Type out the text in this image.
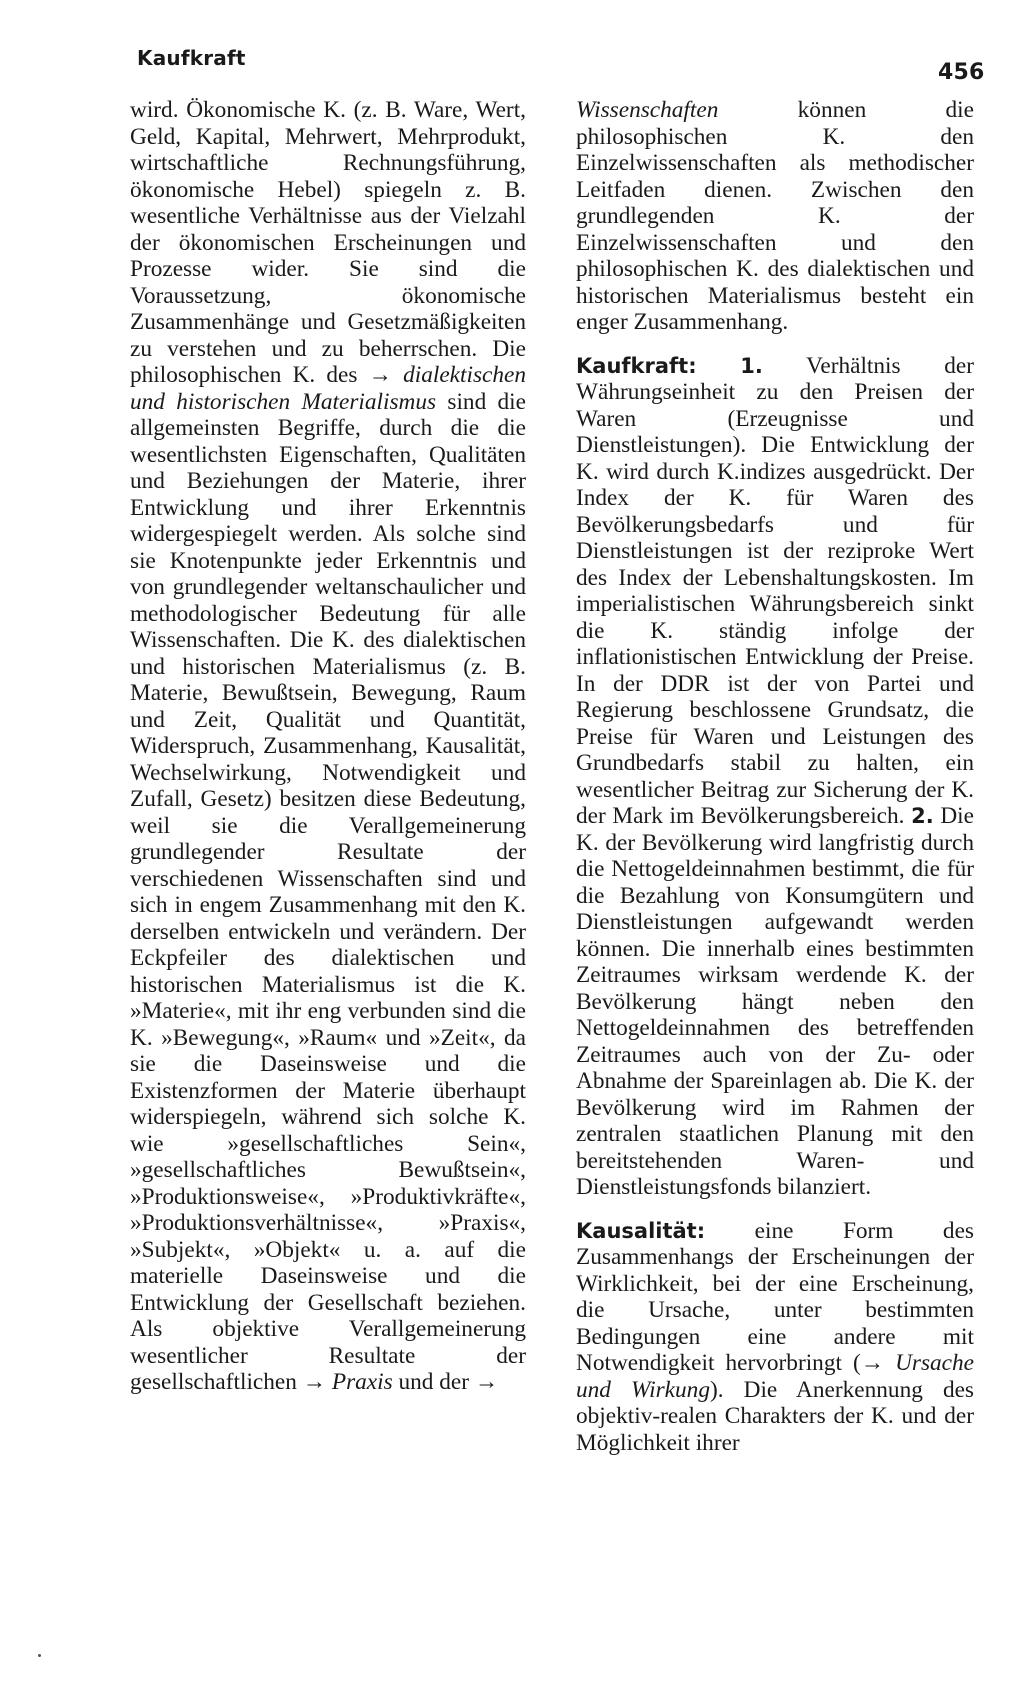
Kaufkraft
456

wird. Ökonomische K. (z. B. Ware, Wert, Geld, Kapital, Mehrwert, Mehrprodukt, wirtschaftliche Rechnungsführung, ökonomische Hebel) spiegeln z. B. wesentliche Verhältnisse aus der Vielzahl der ökonomischen Erscheinungen und Prozesse wider. Sie sind die Voraussetzung, ökonomische Zusammenhänge und Gesetzmäßigkeiten zu verstehen und zu beherrschen. Die philosophischen K. des → dialektischen und historischen Materialismus sind die allgemeinsten Begriffe, durch die die wesentlichsten Eigenschaften, Qualitäten und Beziehungen der Materie, ihrer Entwicklung und ihrer Erkenntnis widergespiegelt werden. Als solche sind sie Knotenpunkte jeder Erkenntnis und von grundlegender weltanschaulicher und methodologischer Bedeutung für alle Wissenschaften. Die K. des dialektischen und historischen Materialismus (z. B. Materie, Bewußtsein, Bewegung, Raum und Zeit, Qualität und Quantität, Widerspruch, Zusammenhang, Kausalität, Wechselwirkung, Notwendigkeit und Zufall, Gesetz) besitzen diese Bedeutung, weil sie die Verallgemeinerung grundlegender Resultate der verschiedenen Wissenschaften sind und sich in engem Zusammenhang mit den K. derselben entwickeln und verändern. Der Eckpfeiler des dialektischen und historischen Materialismus ist die K. »Materie«, mit ihr eng verbunden sind die K. »Bewegung«, »Raum« und »Zeit«, da sie die Daseinsweise und die Existenzformen der Materie überhaupt widerspiegeln, während sich solche K. wie »gesellschaftliches Sein«, »gesellschaftliches Bewußtsein«, »Produktionsweise«, »Produktivkräfte«, »Produktionsverhältnisse«, »Praxis«, »Subjekt«, »Objekt« u. a. auf die materielle Daseinsweise und die Entwicklung der Gesellschaft beziehen. Als objektive Verallgemeinerung wesentlicher Resultate der gesellschaftlichen → Praxis und der →

Wissenschaften	können die philosophischen K. den Einzelwissenschaften als methodischer Leitfaden dienen. Zwischen den grundlegenden K. der Einzelwissenschaften und den philosophischen K. des dialektischen und historischen Materialismus besteht ein enger Zusammenhang.

Kaufkraft: 1. Verhältnis der Währungseinheit zu den Preisen der Waren (Erzeugnisse und Dienstleistungen). Die Entwicklung der K. wird durch K.indizes ausgedrückt. Der Index der K. für Waren des Bevölkerungsbedarfs und für Dienstleistungen ist der reziproke Wert des Index der Lebenshaltungskosten. Im imperialistischen Währungsbereich sinkt die K. ständig infolge der inflationistischen Entwicklung der Preise. In der DDR ist der von Partei und Regierung beschlossene Grundsatz, die Preise für Waren und Leistungen des Grundbedarfs stabil zu halten, ein wesentlicher Beitrag zur Sicherung der K. der Mark im Bevölkerungsbereich. 2. Die K. der Bevölkerung wird langfristig durch die Nettogeldeinnahmen bestimmt, die für die Bezahlung von Konsumgütern und Dienstleistungen aufgewandt werden können. Die innerhalb eines bestimmten Zeitraumes wirksam werdende K. der Bevölkerung hängt neben den Nettogeldeinnahmen des betreffenden Zeitraumes auch von der Zu- oder Abnahme der Spareinlagen ab. Die K. der Bevölkerung wird im Rahmen der zentralen staatlichen Planung mit den bereitstehenden Waren- und Dienstleistungsfonds bilanziert.

Kausalität: eine Form des Zusammenhangs der Erscheinungen der Wirklichkeit, bei der eine Erscheinung, die Ursache, unter bestimmten Bedingungen eine andere mit Notwendigkeit hervorbringt (→ Ursache und Wirkung). Die Anerkennung des objektiv-realen Charakters der K. und der Möglichkeit ihrer
